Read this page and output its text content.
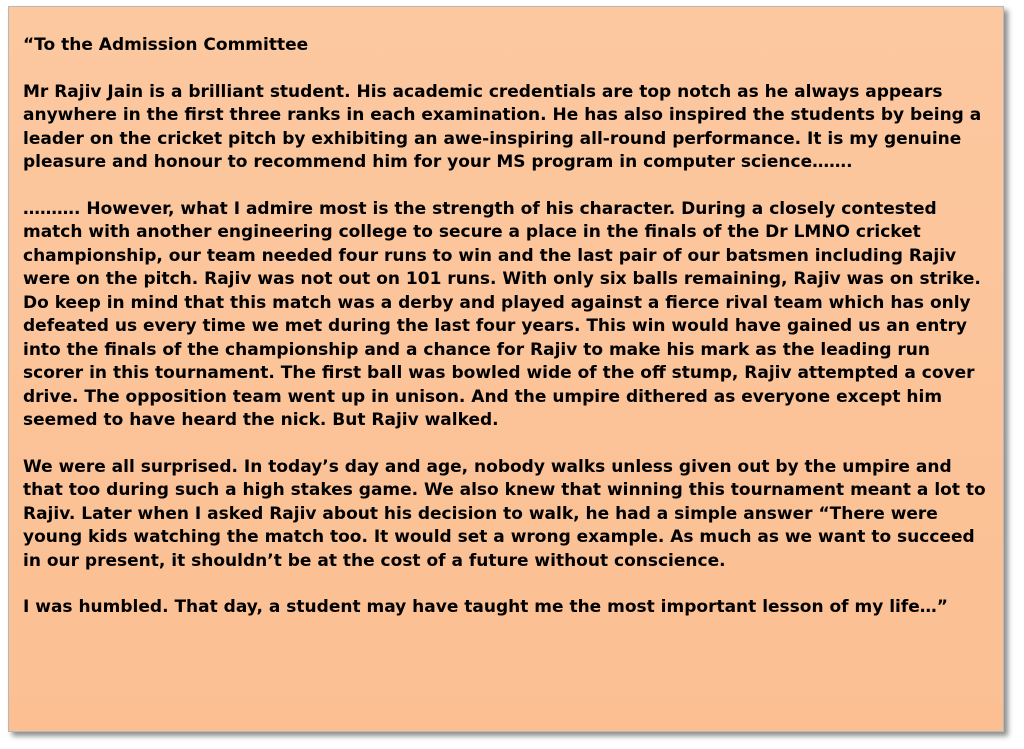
“To the Admission Committee

Mr Rajiv Jain is a brilliant student. His academic credentials are top notch as he always appears anywhere in the first three ranks in each examination. He has also inspired the students by being a leader on the cricket pitch by exhibiting an awe-inspiring all-round performance. It is my genuine pleasure and honour to recommend him for your MS program in computer science…….

………. However, what I admire most is the strength of his character. During a closely contested match with another engineering college to secure a place in the finals of the Dr LMNO cricket championship, our team needed four runs to win and the last pair of our batsmen including Rajiv were on the pitch. Rajiv was not out on 101 runs. With only six balls remaining, Rajiv was on strike. Do keep in mind that this match was a derby and played against a fierce rival team which has only defeated us every time we met during the last four years. This win would have gained us an entry into the finals of the championship and a chance for Rajiv to make his mark as the leading run scorer in this tournament. The first ball was bowled wide of the off stump, Rajiv attempted a cover drive. The opposition team went up in unison. And the umpire dithered as everyone except him seemed to have heard the nick. But Rajiv walked.

We were all surprised. In today’s day and age, nobody walks unless given out by the umpire and that too during such a high stakes game. We also knew that winning this tournament meant a lot to Rajiv. Later when I asked Rajiv about his decision to walk, he had a simple answer “There were young kids watching the match too. It would set a wrong example. As much as we want to succeed in our present, it shouldn’t be at the cost of a future without conscience.

I was humbled. That day, a student may have taught me the most important lesson of my life…”
